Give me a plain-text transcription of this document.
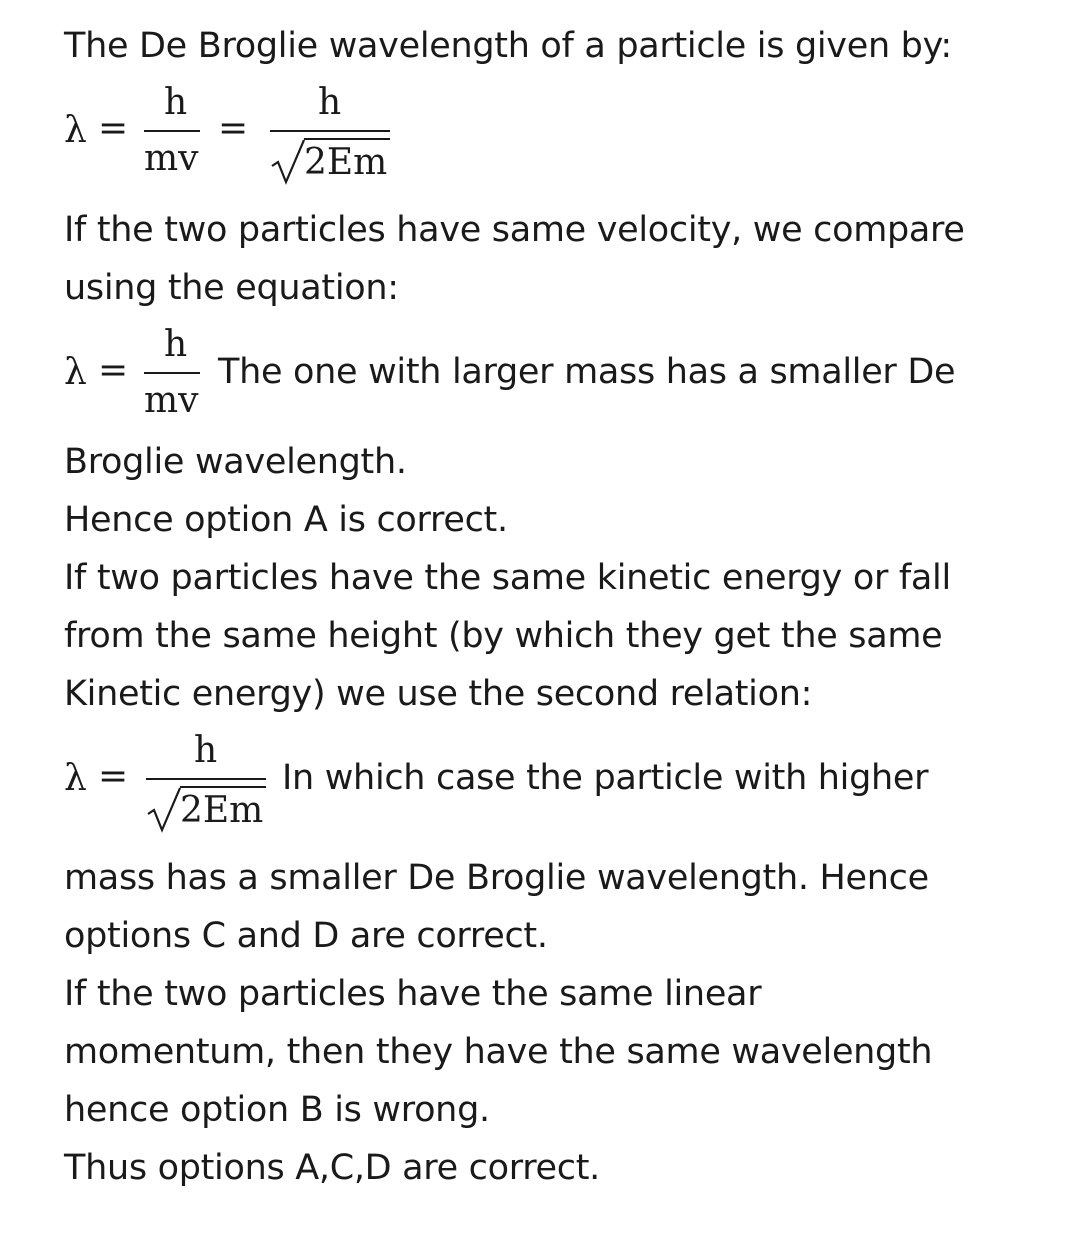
The De Broglie wavelength of a particle is given by:
λ =
h
mv
=
h
2Em
If the two particles have same velocity, we compare
using the equation:
λ =
h
mv
The one with larger mass has a smaller De
Broglie wavelength.
Hence option A is correct.
If two particles have the same kinetic energy or fall
from the same height (by which they get the same
Kinetic energy) we use the second relation:
λ =
h
2Em
In which case the particle with higher
mass has a smaller De Broglie wavelength. Hence
options C and D are correct.
If the two particles have the same linear
momentum, then they have the same wavelength
hence option B is wrong.
Thus options A,C,D are correct.
